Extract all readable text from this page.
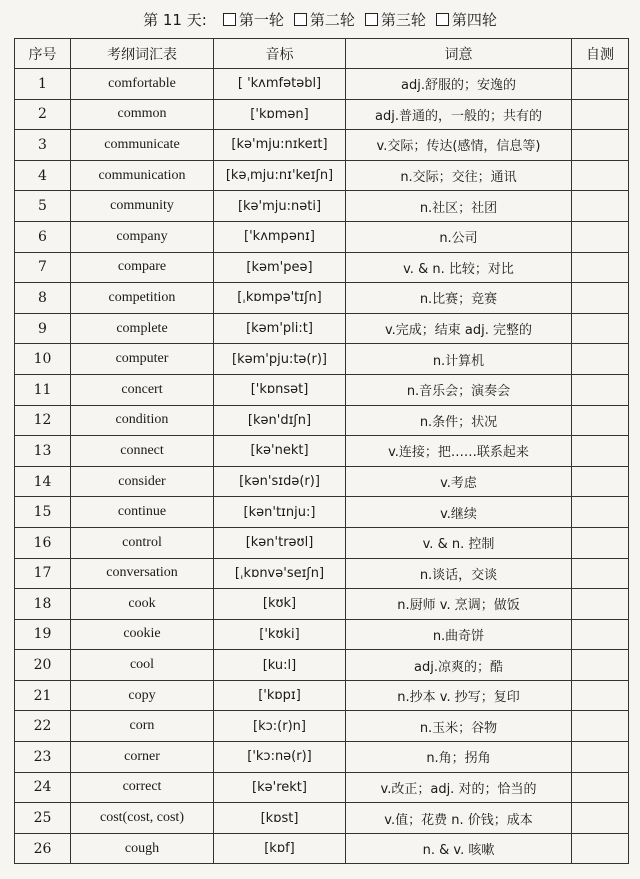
第 11 天: 第一轮 第二轮 第三轮 第四轮
序号	考纲词汇表	音标	词意	自测
1	comfortable	[ 'kʌmfətəbl]	adj.舒服的；安逸的	
2	common	['kɒmən]	adj.普通的，一般的；共有的	
3	communicate	[kə'mju:nɪkeɪt]	v.交际；传达(感情，信息等)	
4	communication	[kəˌmju:nɪ'keɪʃn]	n.交际；交往；通讯	
5	community	[kə'mju:nəti]	n.社区；社团	
6	company	['kʌmpənɪ]	n.公司	
7	compare	[kəm'peə]	v. & n. 比较；对比	
8	competition	[ˌkɒmpə'tɪʃn]	n.比赛；竞赛	
9	complete	[kəm'pli:t]	v.完成；结束 adj. 完整的	
10	computer	[kəm'pju:tə(r)]	n.计算机	
11	concert	['kɒnsət]	n.音乐会；演奏会	
12	condition	[kən'dɪʃn]	n.条件；状况	
13	connect	[kə'nekt]	v.连接；把……联系起来	
14	consider	[kən'sɪdə(r)]	v.考虑	
15	continue	[kən'tɪnju:]	v.继续	
16	control	[kən'trəʊl]	v. & n. 控制	
17	conversation	[ˌkɒnvə'seɪʃn]	n.谈话，交谈	
18	cook	[kʊk]	n.厨师 v. 烹调；做饭	
19	cookie	['kʊki]	n.曲奇饼	
20	cool	[ku:l]	adj.凉爽的；酷	
21	copy	['kɒpɪ]	n.抄本 v. 抄写；复印	
22	corn	[kɔ:(r)n]	n.玉米；谷物	
23	corner	['kɔ:nə(r)]	n.角；拐角	
24	correct	[kə'rekt]	v.改正；adj. 对的；恰当的	
25	cost(cost, cost)	[kɒst]	v.值；花费 n. 价钱；成本	
26	cough	[kɒf]	n. & v. 咳嗽	
